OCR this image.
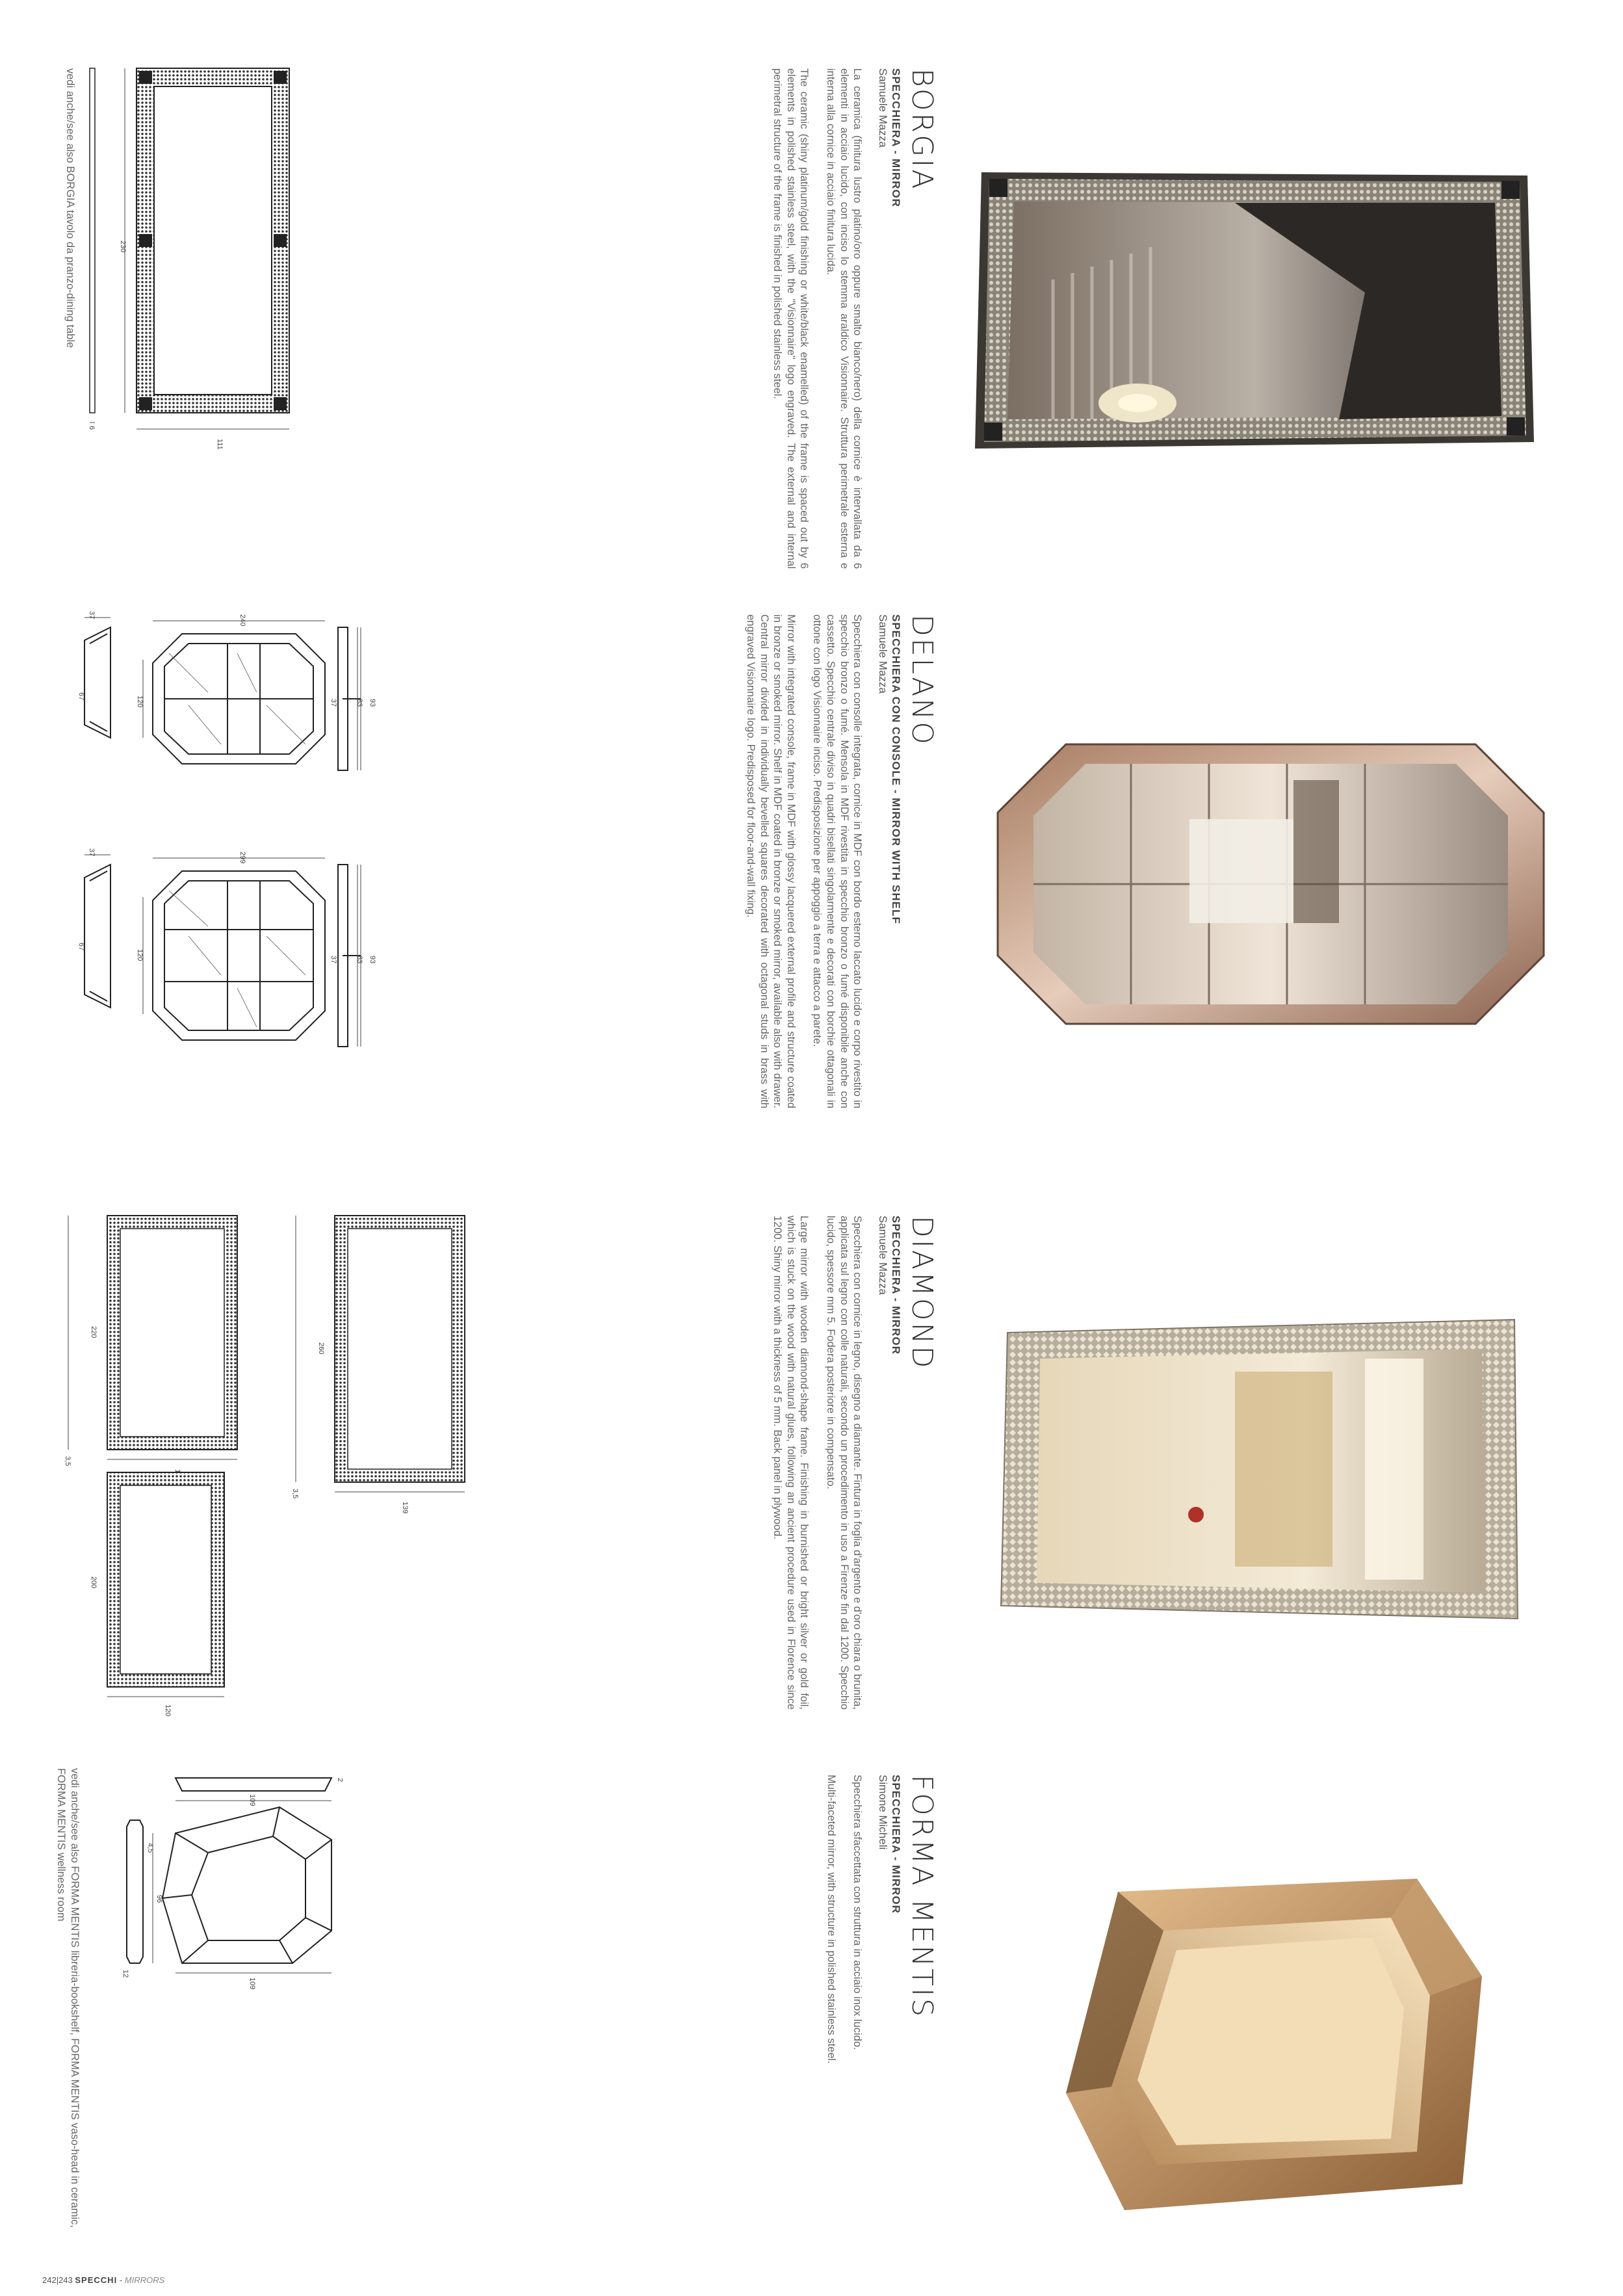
BORGIA
SPECCHIERA - MIRROR
Samuele Mazza

La ceramica (finitura lustro platino/oro oppure smalto bianco/nero) della cornice è intervallata da 6 elementi in acciaio lucido, con inciso lo stemma araldico Visionnaire. Struttura perimetrale esterna e interna alla cornice in acciaio finitura lucida.

The ceramic (shiny platinum/gold finishing or white/black enamelled) of the frame is spaced out by 6 elements in polished stainless steel, with the "Visionnaire" logo engraved. The external and internal perimetral structure of the frame is finished in polished stainless steel.

230
111
6
vedi anche/see also BORGIA tavolo da pranzo-dining table
DELANO
SPECCHIERA CON CONSOLE - MIRROR WITH SHELF
Samuele Mazza

Specchiera con consolle integrata, cornice in MDF con bordo esterno laccato lucido e corpo rivestito in specchio bronzo o fumé. Mensola in MDF rivestita in specchio bronzo o fumé disponibile anche con cassetto. Specchio centrale diviso in quadri bisellati singolarmente e decorati con borchie ottagonali in ottone con logo Visionnaire inciso. Predisposizione per appoggio a terra e attacco a parete.

Mirror with integrated console, frame in MDF with glossy lacquered external profile and structure coated in bronze or smoked mirror. Shelf in MDF coated in bronze or smoked mirror, available also with drawer. Central mirror divided in individually bevelled squares decorated with octagonal studs in brass with engraved Visionnaire logo. Predisposed for floor-and-wall fixing.

37	240
67	120	37	83 93
37	299
67
120	37	83 93
DIAMOND
SPECCHIERA - MIRROR
Samuele Mazza

Specchiera con cornice in legno, disegno a diamante. Fintura in foglia d'argento e d'oro chiara o brunita, applicata sul legno con colle naturali, secondo un procedimento in uso a Firenze fin dal 1200. Specchio lucido, spessore mm 5. Fodera posteriore in compensato.

Large mirror with wooden diamond-shape frame. Finishing in burnished or bright silver or gold foil, which is stuck on the wood with natural glues, following an ancient procedure used in Florence since 1200. Shiny mirror with a thickness of 5 mm. Back panel in plywood.

220
3,5
260
139
3,5
200
120
FORMA MENTIS
SPECCHIERA - MIRROR
Simone Micheli

Specchiera sfaccettata con struttura in acciaio inox lucido.

Multi-faceted mirror, with structure in polished stainless steel.

109
109
96
12
4,5
2
vedi anche/see also FORMA MENTIS libreria-bookshelf, FORMA MENTIS vaso-head in ceramic, FORMA MENTIS wellness room
242|243 SPECCHI - MIRRORS
